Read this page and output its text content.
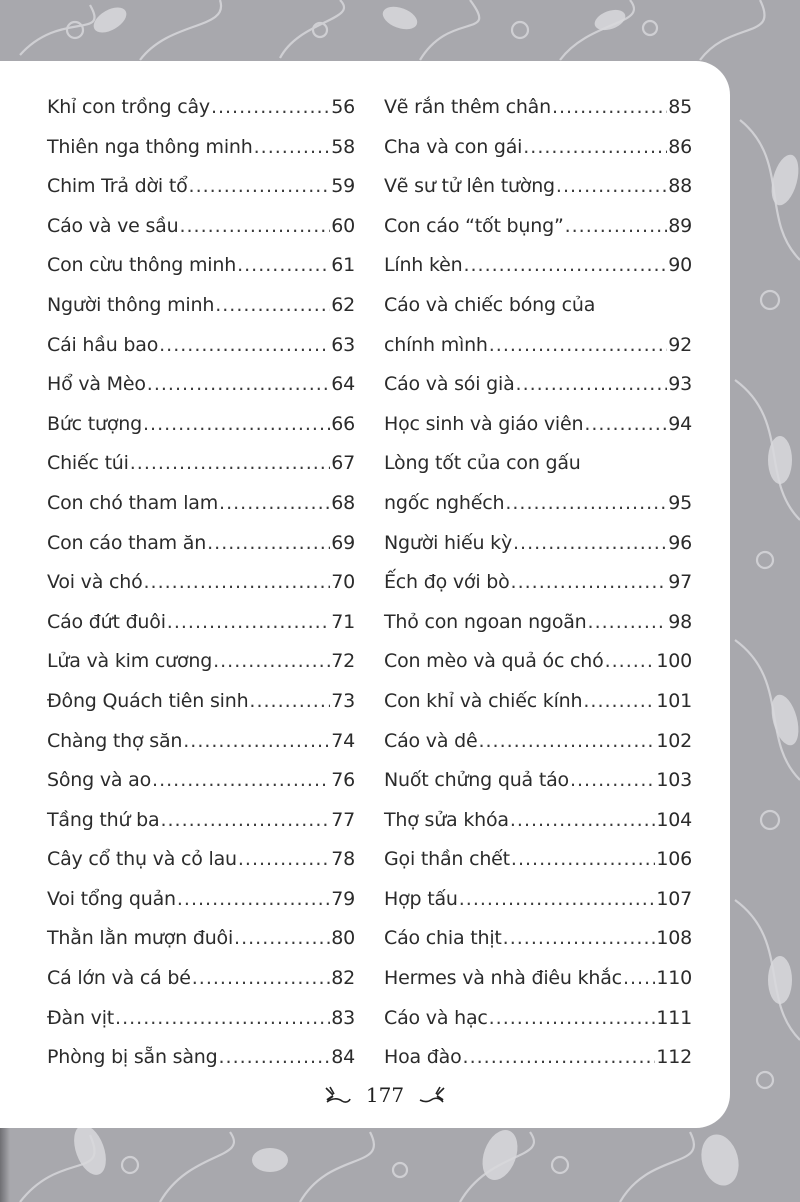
Khỉ con trồng cây .....	56
Thiên nga thông minh .....	58
Chim Trả dời tổ .....	59
Cáo và ve sầu .....	60
Con cừu thông minh .....	61
Người thông minh .....	62
Cái hầu bao .....	63
Hổ và Mèo .....	64
Bức tượng .....	66
Chiếc túi .....	67
Con chó tham lam .....	68
Con cáo tham ăn .....	69
Voi và chó .....	70
Cáo đứt đuôi .....	71
Lửa và kim cương .....	72
Đông Quách tiên sinh .....	73
Chàng thợ săn .....	74
Sông và ao .....	76
Tầng thứ ba .....	77
Cây cổ thụ và cỏ lau .....	78
Voi tổng quản .....	79
Thằn lằn mượn đuôi .....	80
Cá lớn và cá bé .....	82
Đàn vịt .....	83
Phòng bị sẵn sàng .....	84
Vẽ rắn thêm chân .....	85
Cha và con gái .....	86
Vẽ sư tử lên tường .....	88
Con cáo “tốt bụng” .....	89
Lính kèn .....	90
Cáo và chiếc bóng của
chính mình .....	92
Cáo và sói già .....	93
Học sinh và giáo viên .....	94
Lòng tốt của con gấu
ngốc nghếch .....	95
Người hiếu kỳ .....	96
Ếch đọ với bò .....	97
Thỏ con ngoan ngoãn .....	98
Con mèo và quả óc chó .....	100
Con khỉ và chiếc kính .....	101
Cáo và dê .....	102
Nuốt chửng quả táo .....	103
Thợ sửa khóa .....	104
Gọi thần chết .....	106
Hợp tấu .....	107
Cáo chia thịt .....	108
Hermes và nhà điêu khắc ..... 110
Cáo và hạc .....	111
Hoa đào .....	112
177
